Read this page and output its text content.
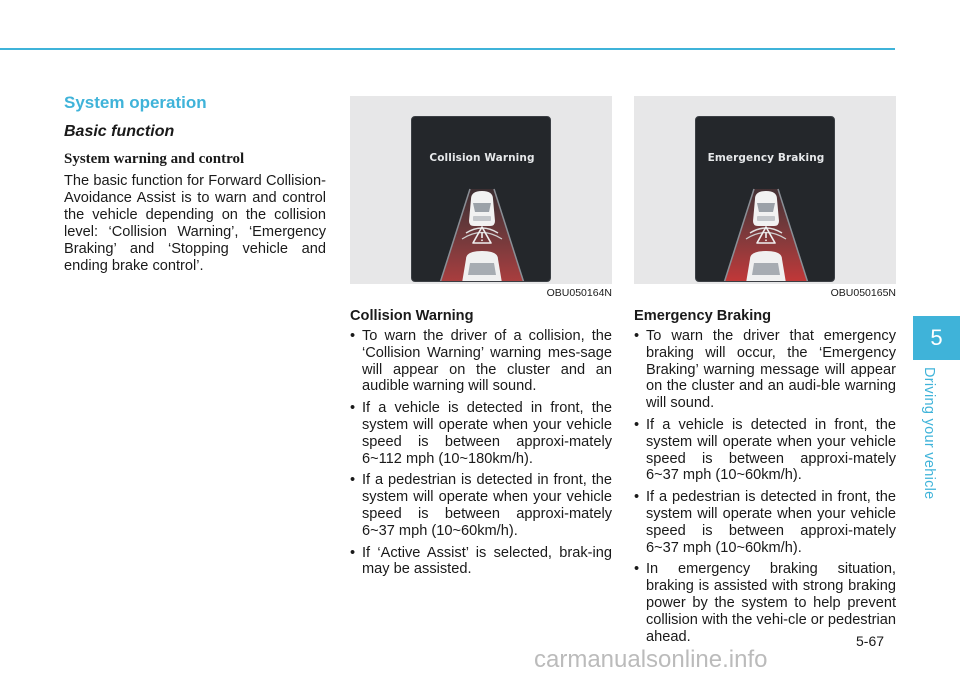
System operation
Basic function
System warning and control

The basic function for Forward Collision-Avoidance Assist is to warn and control the vehicle depending on the collision level: ‘Collision Warning’, ‘Emergency Braking’ and ‘Stopping vehicle and ending brake control’.

Collision Warning
OBU050164N
Emergency Braking
OBU050165N
Collision Warning
• To warn the driver of a collision, the ‘Collision Warning’ warning mes-sage will appear on the cluster and an audible warning will sound.
• If a vehicle is detected in front, the system will operate when your vehicle speed is between approxi-mately 6~112 mph (10~180km/h).
• If a pedestrian is detected in front, the system will operate when your vehicle speed is between approxi-mately 6~37 mph (10~60km/h).
• If ‘Active Assist’ is selected, brak-ing may be assisted.
Emergency Braking
• To warn the driver that emergency braking will occur, the ‘Emergency Braking’ warning message will appear on the cluster and an audi-ble warning will sound.
• If a vehicle is detected in front, the system will operate when your vehicle speed is between approxi-mately 6~37 mph (10~60km/h).
• If a pedestrian is detected in front, the system will operate when your vehicle speed is between approxi-mately 6~37 mph (10~60km/h).
• In emergency braking situation, braking is assisted with strong braking power by the system to help prevent collision with the vehi-cle or pedestrian ahead.	5-67
5
Driving your vehicle
carmanualsonline.info
